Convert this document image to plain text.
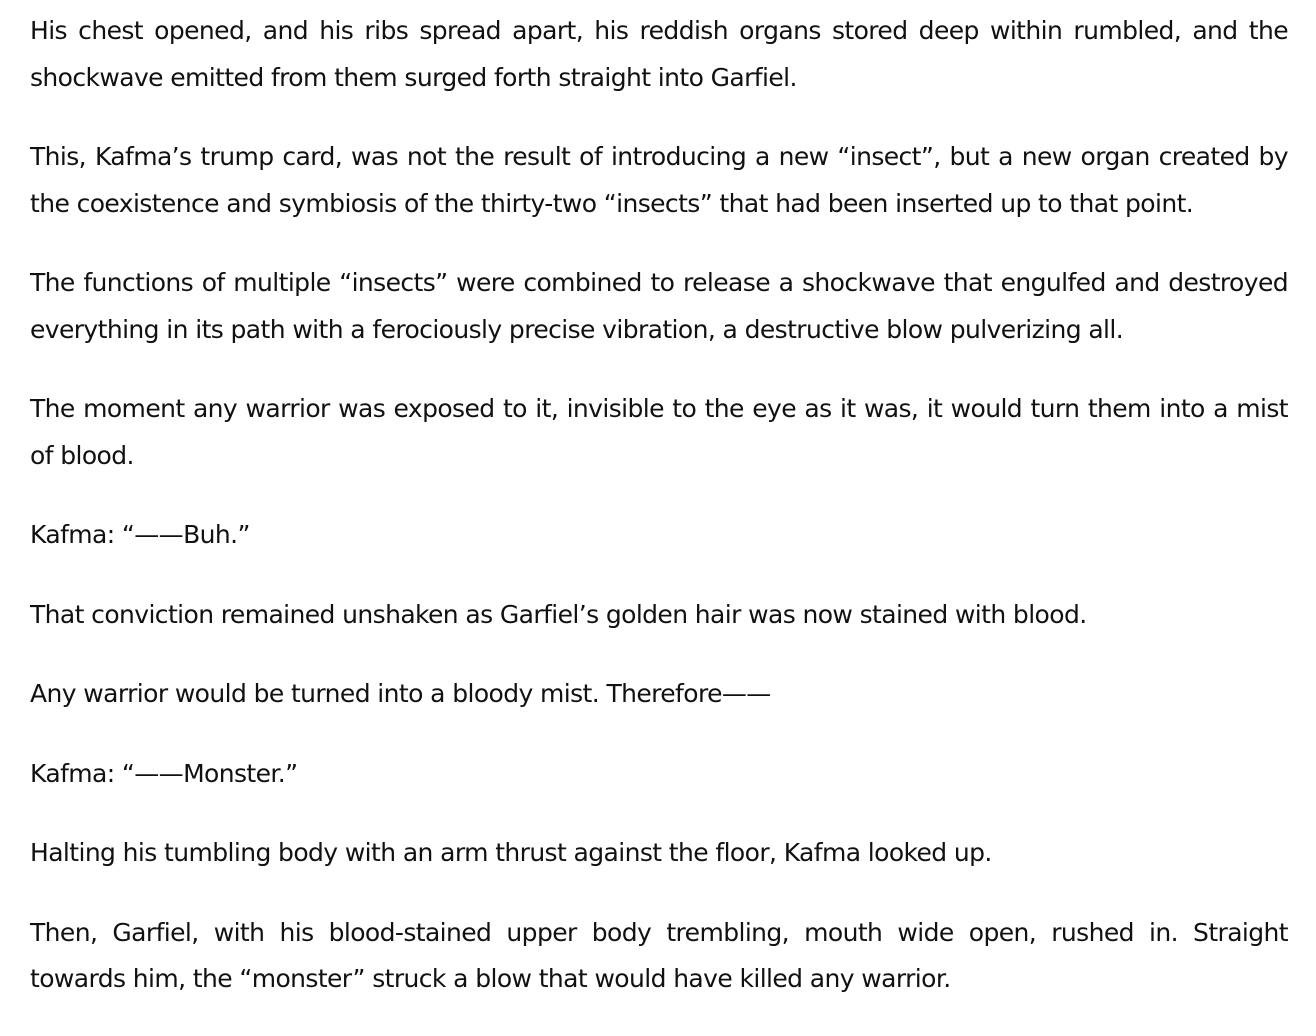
His chest opened, and his ribs spread apart, his reddish organs stored deep within rumbled, and the shockwave emitted from them surged forth straight into Garfiel.

This, Kafma’s trump card, was not the result of introducing a new “insect”, but a new organ created by the coexistence and symbiosis of the thirty-two “insects” that had been inserted up to that point.

The functions of multiple “insects” were combined to release a shockwave that engulfed and destroyed everything in its path with a ferociously precise vibration, a destructive blow pulverizing all.

The moment any warrior was exposed to it, invisible to the eye as it was, it would turn them into a mist of blood.

Kafma: “——Buh.”

That conviction remained unshaken as Garfiel’s golden hair was now stained with blood.

Any warrior would be turned into a bloody mist. Therefore——

Kafma: “——Monster.”

Halting his tumbling body with an arm thrust against the floor, Kafma looked up.

Then, Garfiel, with his blood-stained upper body trembling, mouth wide open, rushed in. Straight towards him, the “monster” struck a blow that would have killed any warrior.
